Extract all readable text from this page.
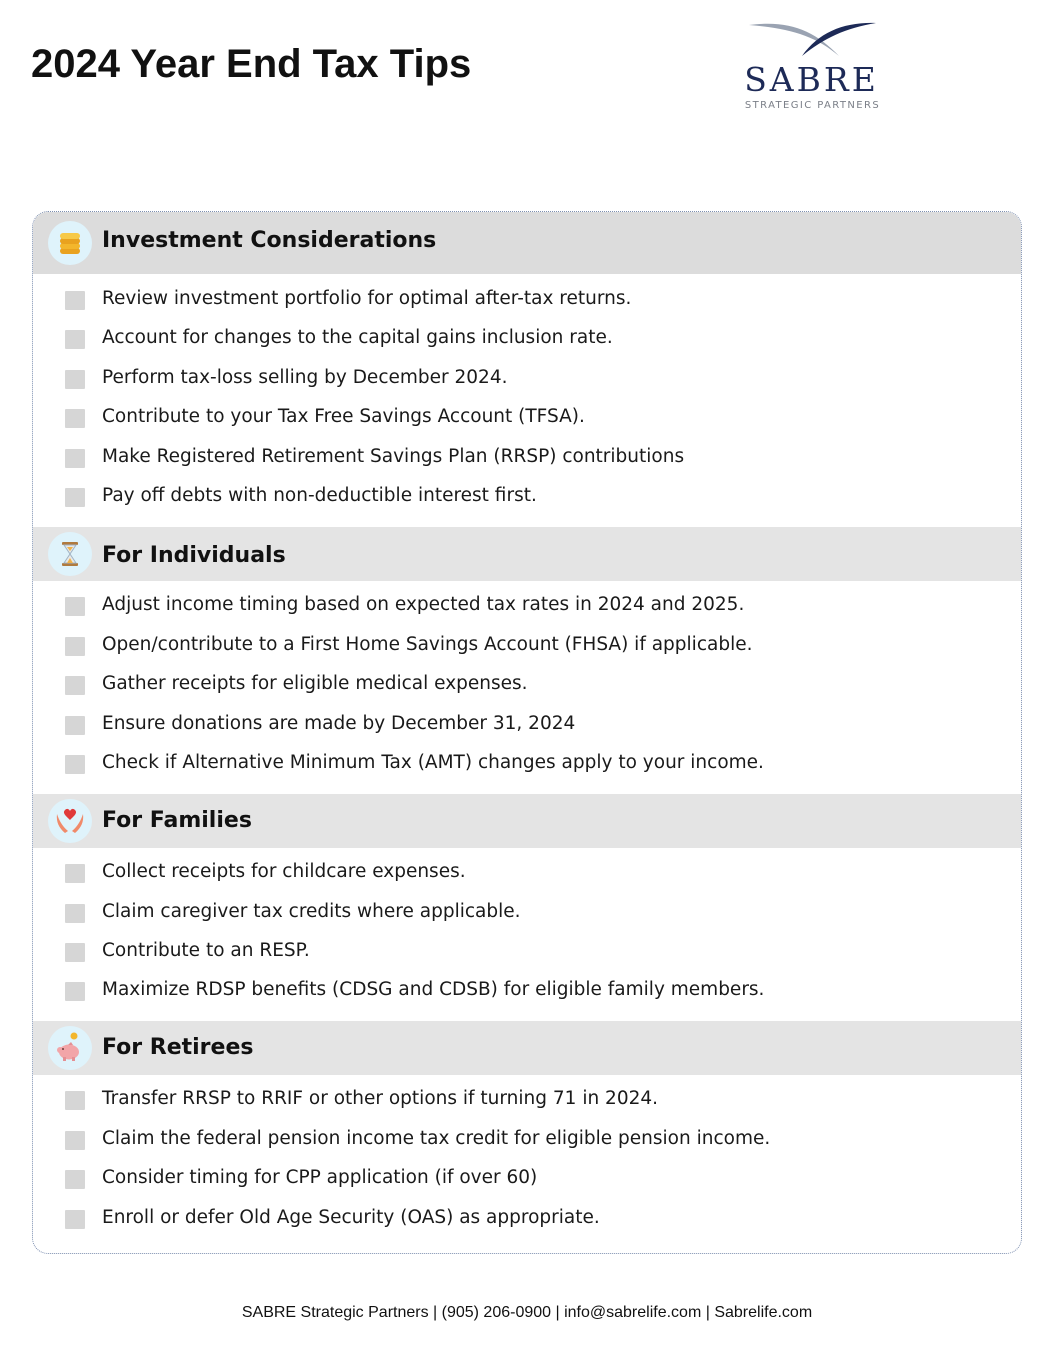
2024 Year End Tax Tips	SABRE
STRATEGIC PARTNERS
Investment Considerations
Review investment portfolio for optimal after-tax returns.
Account for changes to the capital gains inclusion rate.
Perform tax-loss selling by December 2024.
Contribute to your Tax Free Savings Account (TFSA).
Make Registered Retirement Savings Plan (RRSP) contributions
Pay off debts with non-deductible interest first.
For Individuals
Adjust income timing based on expected tax rates in 2024 and 2025.
Open/contribute to a First Home Savings Account (FHSA) if applicable.
Gather receipts for eligible medical expenses.
Ensure donations are made by December 31, 2024
Check if Alternative Minimum Tax (AMT) changes apply to your income.
For Families
Collect receipts for childcare expenses.
Claim caregiver tax credits where applicable.
Contribute to an RESP.
Maximize RDSP benefits (CDSG and CDSB) for eligible family members.
For Retirees
Transfer RRSP to RRIF or other options if turning 71 in 2024.
Claim the federal pension income tax credit for eligible pension income.
Consider timing for CPP application (if over 60)
Enroll or defer Old Age Security (OAS) as appropriate.
SABRE Strategic Partners | (905) 206-0900 | info@sabrelife.com | Sabrelife.com
